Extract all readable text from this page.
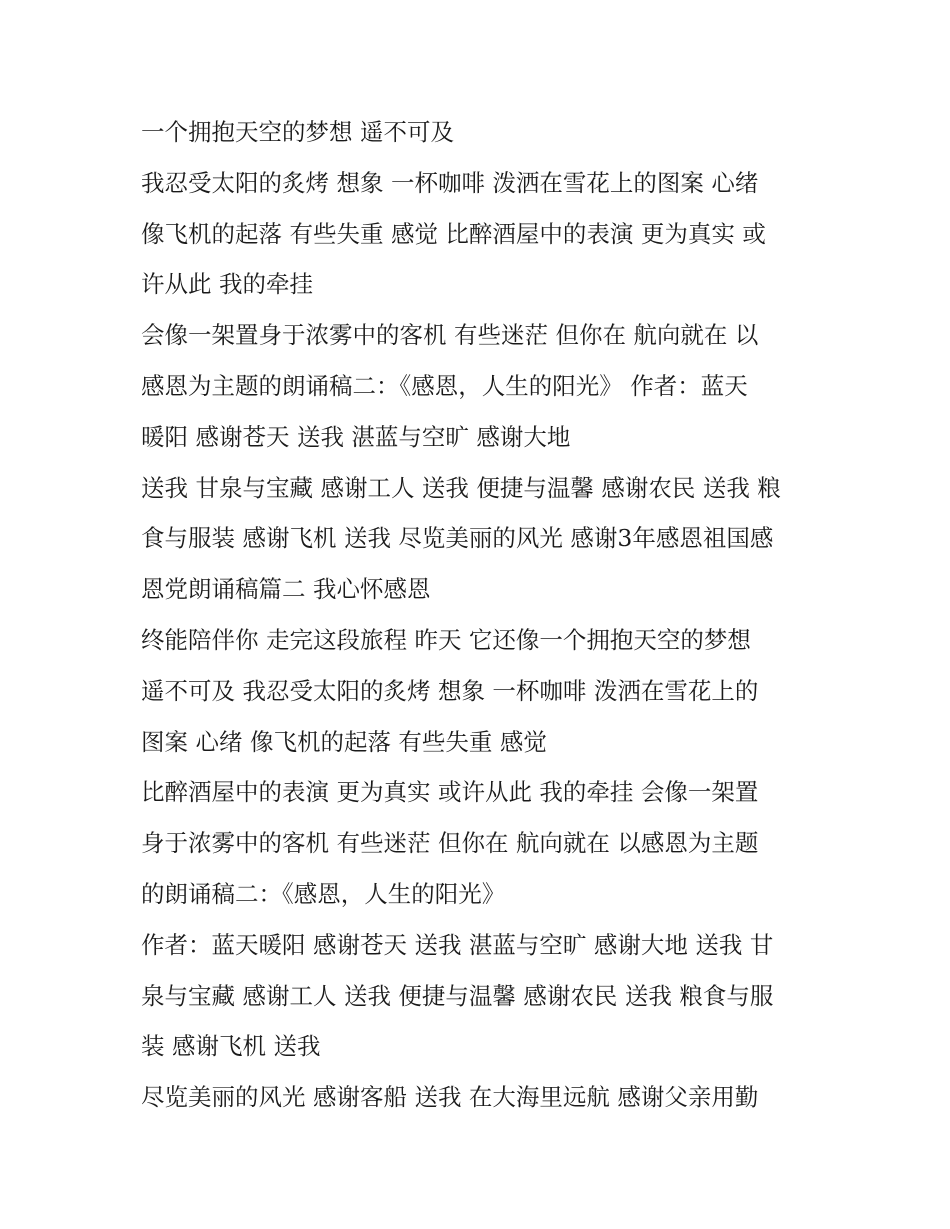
一个拥抱天空的梦想 遥不可及
我忍受太阳的炙烤 想象 一杯咖啡 泼洒在雪花上的图案 心绪
像飞机的起落 有些失重 感觉 比醉酒屋中的表演 更为真实 或
许从此 我的牵挂
会像一架置身于浓雾中的客机 有些迷茫 但你在 航向就在 以
感恩为主题的朗诵稿二：《感恩，人生的阳光》 作者：蓝天
暖阳 感谢苍天 送我 湛蓝与空旷 感谢大地
送我 甘泉与宝藏 感谢工人 送我 便捷与温馨 感谢农民 送我 粮
食与服装 感谢飞机 送我 尽览美丽的风光 感谢3年感恩祖国感
恩党朗诵稿篇二 我心怀感恩
终能陪伴你 走完这段旅程 昨天 它还像一个拥抱天空的梦想
遥不可及 我忍受太阳的炙烤 想象 一杯咖啡 泼洒在雪花上的
图案 心绪 像飞机的起落 有些失重 感觉
比醉酒屋中的表演 更为真实 或许从此 我的牵挂 会像一架置
身于浓雾中的客机 有些迷茫 但你在 航向就在 以感恩为主题
的朗诵稿二：《感恩，人生的阳光》
作者：蓝天暖阳 感谢苍天 送我 湛蓝与空旷 感谢大地 送我 甘
泉与宝藏 感谢工人 送我 便捷与温馨 感谢农民 送我 粮食与服
装 感谢飞机 送我
尽览美丽的风光 感谢客船 送我 在大海里远航 感谢父亲用勤
